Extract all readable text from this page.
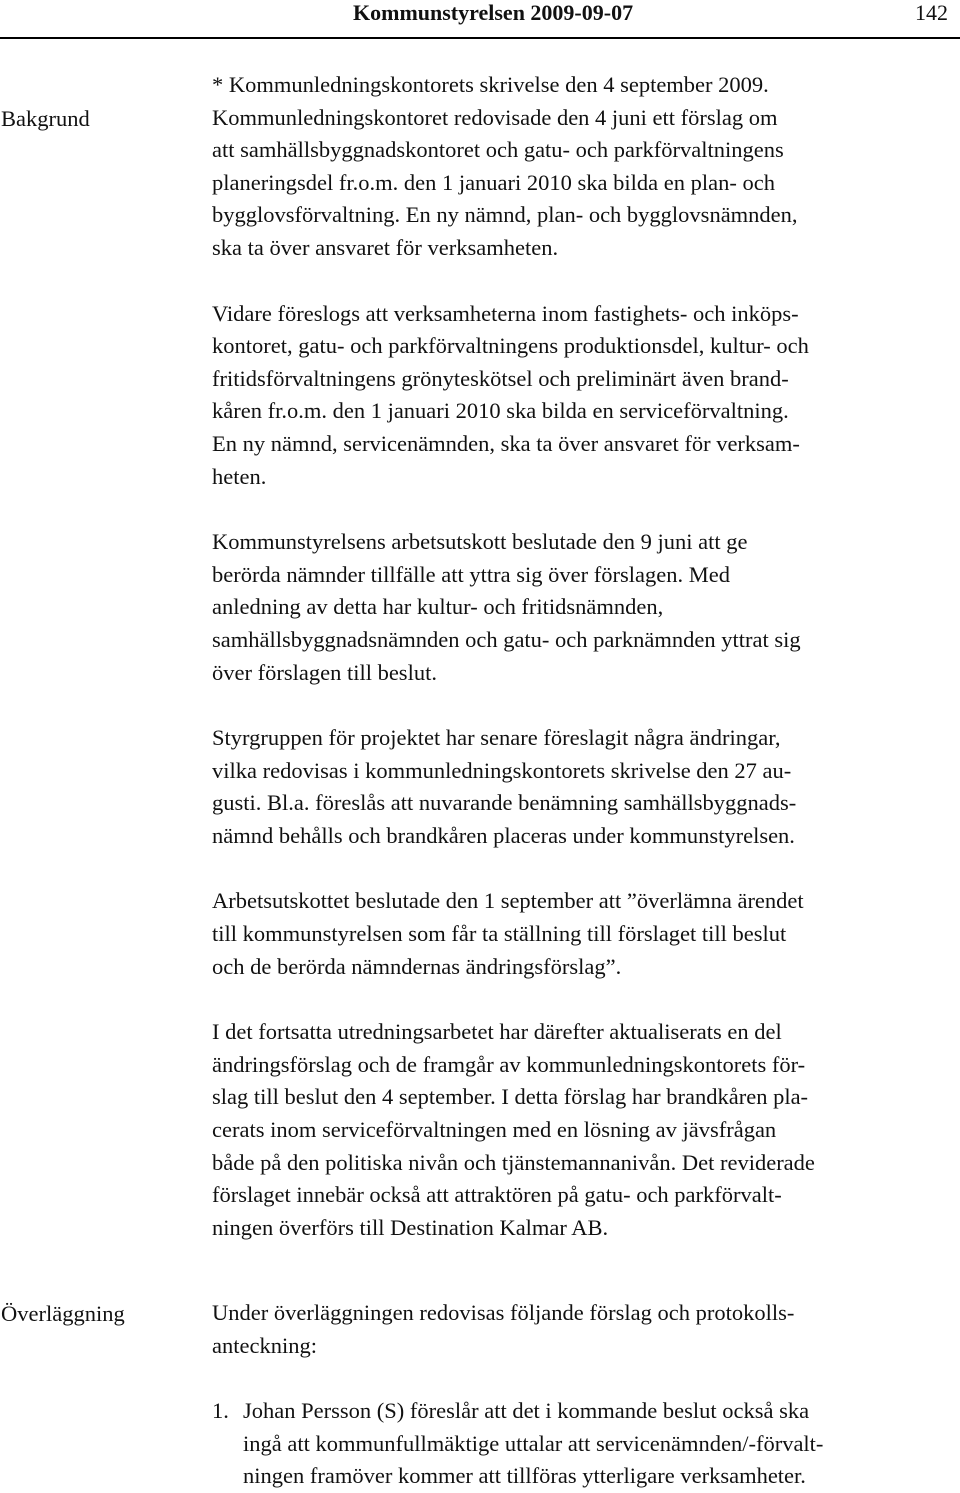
Kommunstyrelsen 2009-09-07	142
Bakgrund

* Kommunledningskontorets skrivelse den 4 september 2009.
Kommunledningskontoret redovisade den 4 juni ett förslag om
att samhällsbyggnadskontoret och gatu- och parkförvaltningens
planeringsdel fr.o.m. den 1 januari 2010 ska bilda en plan- och
bygglovsförvaltning. En ny nämnd, plan- och bygglovsnämnden,
ska ta över ansvaret för verksamheten.

Vidare föreslogs att verksamheterna inom fastighets- och inköps-
kontoret, gatu- och parkförvaltningens produktionsdel, kultur- och
fritidsförvaltningens grönyteskötsel och preliminärt även brand-
kåren fr.o.m. den 1 januari 2010 ska bilda en serviceförvaltning.
En ny nämnd, servicenämnden, ska ta över ansvaret för verksam-
heten.

Kommunstyrelsens arbetsutskott beslutade den 9 juni att ge
berörda nämnder tillfälle att yttra sig över förslagen. Med
anledning av detta har kultur- och fritidsnämnden,
samhällsbyggnadsnämnden och gatu- och parknämnden yttrat sig
över förslagen till beslut.

Styrgruppen för projektet har senare föreslagit några ändringar,
vilka redovisas i kommunledningskontorets skrivelse den 27 au-
gusti. Bl.a. föreslås att nuvarande benämning samhällsbyggnads-
nämnd behålls och brandkåren placeras under kommunstyrelsen.

Arbetsutskottet beslutade den 1 september att ”överlämna ärendet
till kommunstyrelsen som får ta ställning till förslaget till beslut
och de berörda nämndernas ändringsförslag”.

I det fortsatta utredningsarbetet har därefter aktualiserats en del
ändringsförslag och de framgår av kommunledningskontorets för-
slag till beslut den 4 september. I detta förslag har brandkåren pla-
cerats inom serviceförvaltningen med en lösning av jävsfrågan
både på den politiska nivån och tjänstemannanivån. Det reviderade
förslaget innebär också att attraktören på gatu- och parkförvalt-
ningen överförs till Destination Kalmar AB.

Överläggning	Under överläggningen redovisas följande förslag och protokolls-
anteckning:

1. Johan Persson (S) föreslår att det i kommande beslut också ska
ingå att kommunfullmäktige uttalar att servicenämnden/-förvalt-
ningen framöver kommer att tillföras ytterligare verksamheter.
